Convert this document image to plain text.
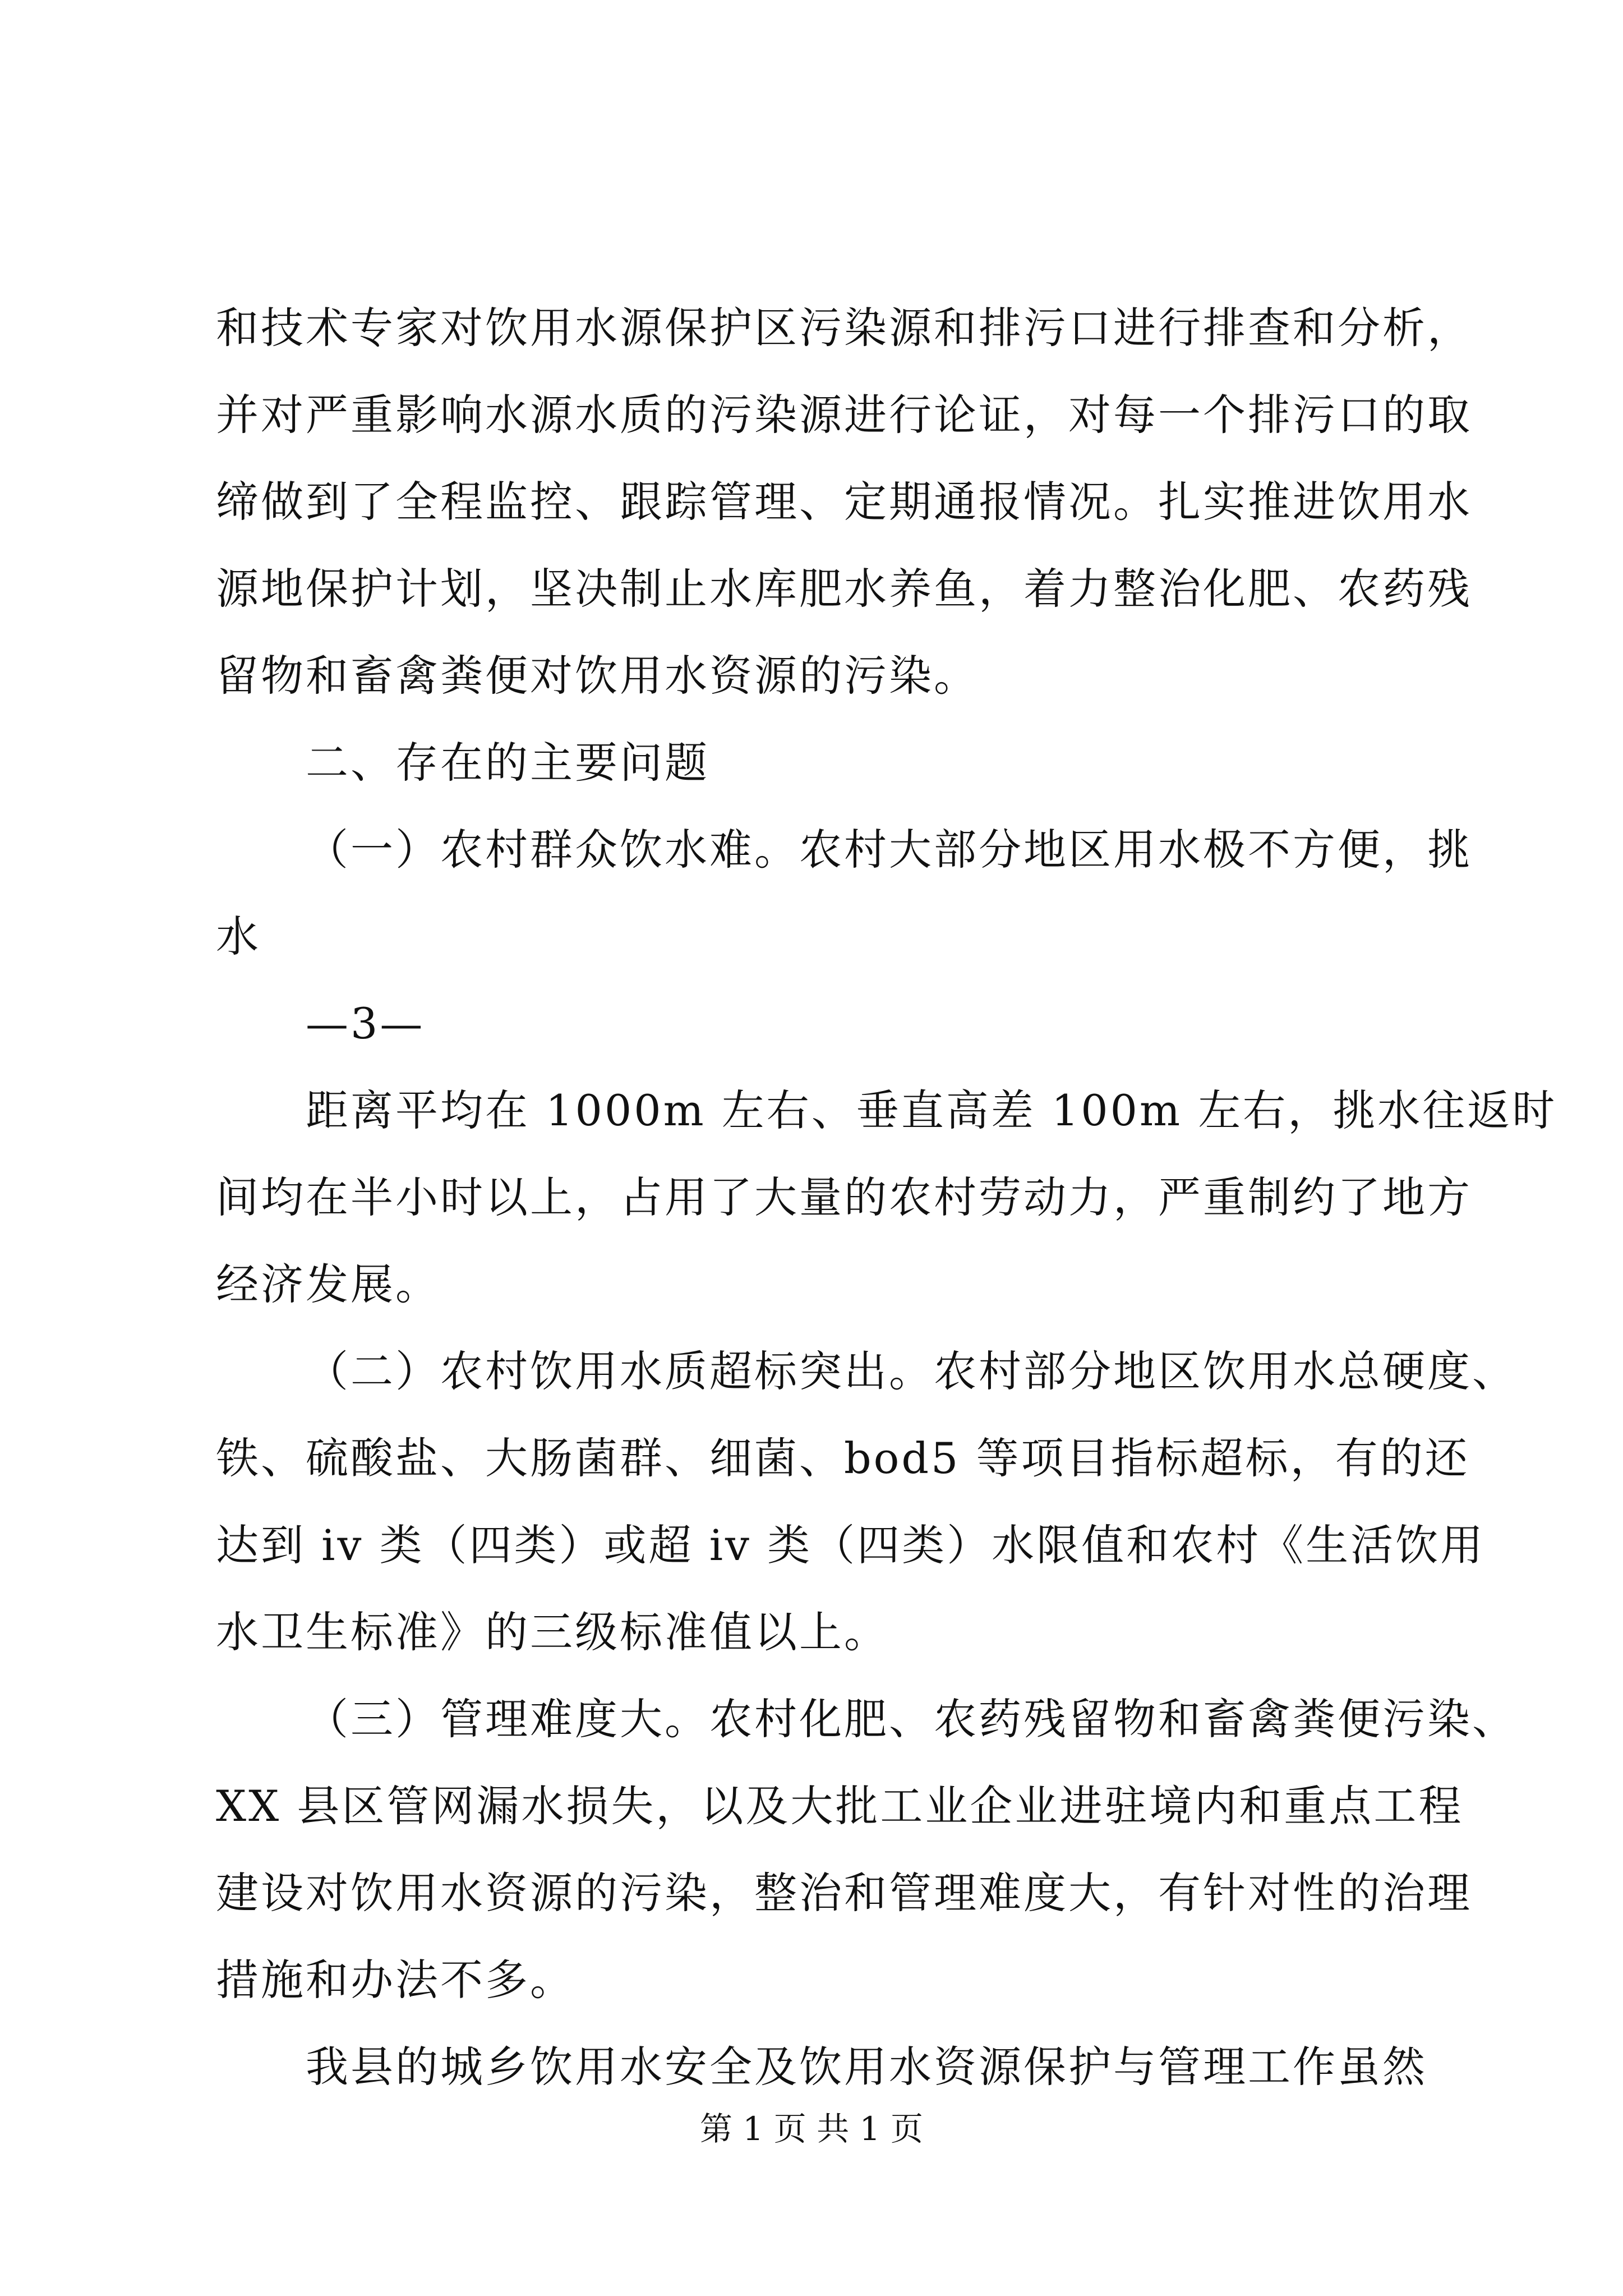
和技术专家对饮用水源保护区污染源和排污口进行排查和分析，
并对严重影响水源水质的污染源进行论证，对每一个排污口的取
缔做到了全程监控、跟踪管理、定期通报情况。扎实推进饮用水
源地保护计划，坚决制止水库肥水养鱼，着力整治化肥、农药残
留物和畜禽粪便对饮用水资源的污染。
二、存在的主要问题
（一）农村群众饮水难。农村大部分地区用水极不方便，挑
水
—3—
距离平均在 1000m 左右、垂直高差 100m 左右，挑水往返时
间均在半小时以上，占用了大量的农村劳动力，严重制约了地方
经济发展。
（二）农村饮用水质超标突出。农村部分地区饮用水总硬度、
铁、硫酸盐、大肠菌群、细菌、bod5 等项目指标超标，有的还
达到 iv 类（四类）或超 iv 类（四类）水限值和农村《生活饮用
水卫生标准》的三级标准值以上。
（三）管理难度大。农村化肥、农药残留物和畜禽粪便污染、
XX 县区管网漏水损失，以及大批工业企业进驻境内和重点工程
建设对饮用水资源的污染，整治和管理难度大，有针对性的治理
措施和办法不多。
我县的城乡饮用水安全及饮用水资源保护与管理工作虽然
第 1 页 共 1 页
